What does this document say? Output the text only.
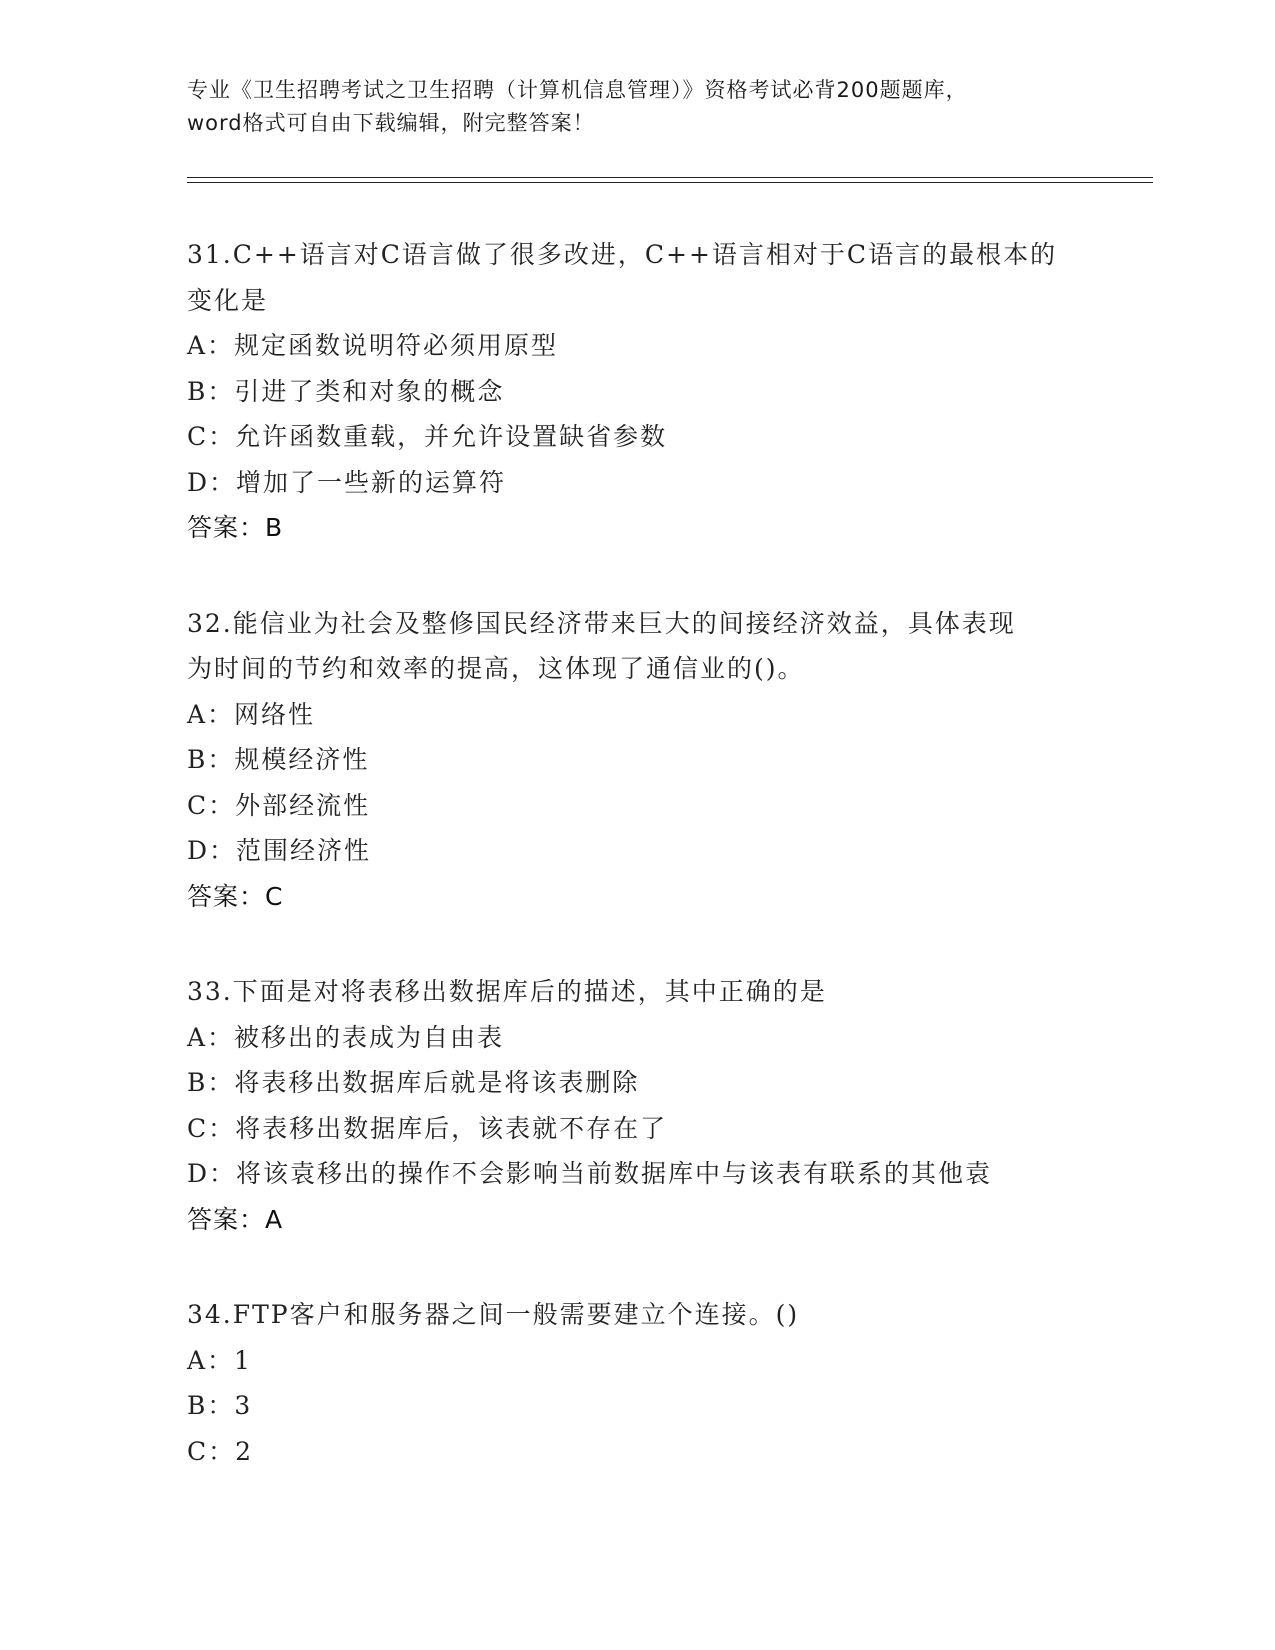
专业《卫生招聘考试之卫生招聘（计算机信息管理）》资格考试必背200题题库，
word格式可自由下载编辑，附完整答案！
31.C++语言对C语言做了很多改进，C++语言相对于C语言的最根本的
变化是
A：规定函数说明符必须用原型
B：引进了类和对象的概念
C：允许函数重载，并允许设置缺省参数
D：增加了一些新的运算符
答案：B
32.能信业为社会及整修国民经济带来巨大的间接经济效益，具体表现
为时间的节约和效率的提高，这体现了通信业的()。
A：网络性
B：规模经济性
C：外部经流性
D：范围经济性
答案：C
33.下面是对将表移出数据库后的描述，其中正确的是
A：被移出的表成为自由表
B：将表移出数据库后就是将该表删除
C：将表移出数据库后，该表就不存在了
D：将该袁移出的操作不会影响当前数据库中与该表有联系的其他袁
答案：A
34.FTP客户和服务器之间一般需要建立个连接。()
A：1
B：3
C：2
